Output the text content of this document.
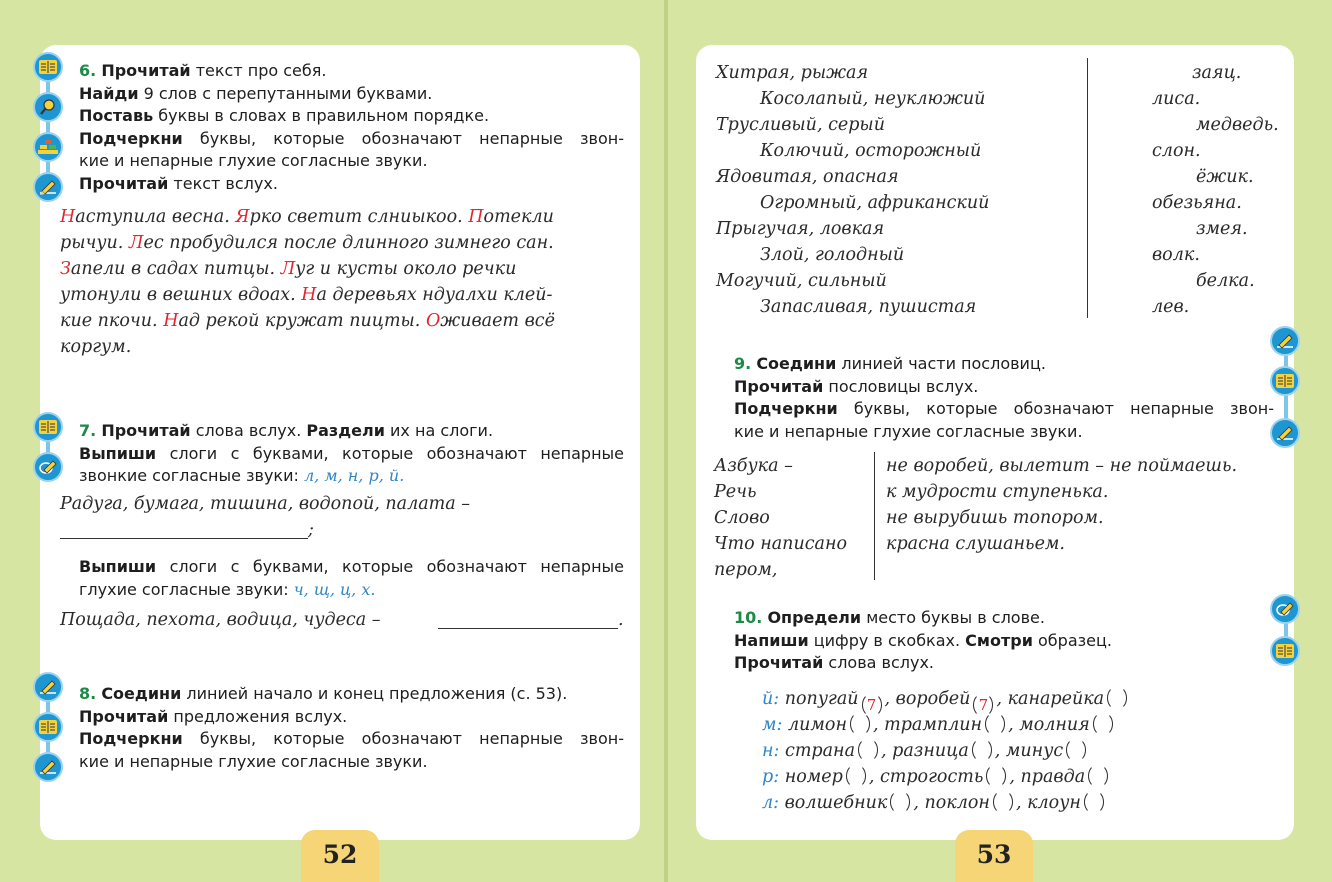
52

6. Прочитай текст про себя.

Найди 9 слов с перепутанными буквами.

Поставь буквы в словах в правильном порядке.

Подчеркни буквы, которые обозначают непарные звон-

кие и непарные глухие согласные звуки.

Прочитай текст вслух.

Наступила весна. Ярко светит слниыкоо. Потекли
рычуи. Лес пробудился после длинного зимнего сан.
Запели в садах питцы. Луг и кусты около речки
утонули в вешних вдоах. На деревьях ндуалхи клей-
кие пкочи. Над рекой кружат пицты. Оживает всё
коргум.

7. Прочитай слова вслух. Раздели их на слоги.

Выпиши слоги с буквами, которые обозначают непарные

звонкие согласные звуки: л, м, н, р, й.

Радуга, бумага, тишина, водопой, палата –
;

Выпиши слоги с буквами, которые обозначают непарные

глухие согласные звуки: ч, щ, ц, х.

Пощада, пехота, водица, чудеса –	.

8. Соедини линией начало и конец предложения (с. 53).

Прочитай предложения вслух.

Подчеркни буквы, которые обозначают непарные звон-

кие и непарные глухие согласные звуки.

53
Хитрая, рыжая
Косолапый, неуклюжий
Трусливый, серый
Колючий, осторожный
Ядовитая, опасная
Огромный, африканский
Прыгучая, ловкая
Злой, голодный
Могучий, сильный
Запасливая, пушистая
заяц.
лиса.
медведь.
слон.
ёжик.
обезьяна.
змея.
волк.
белка.
лев.

9. Соедини линией части пословиц.

Прочитай пословицы вслух.

Подчеркни буквы, которые обозначают непарные звон-

кие и непарные глухие согласные звуки.

Азбука –
Речь
Слово
Что написано
пером,
не воробей, вылетит – не поймаешь.
к мудрости ступенька.
не вырубишь топором.
красна слушаньем.

10. Определи место буквы в слове.

Напиши цифру в скобках. Смотри образец.

Прочитай слова вслух.

й: попугай 7 , воробей 7 , канарейка
м: лимон , трамплин , молния
н: страна , разница , минус
р: номер , строгость , правда
л: волшебник , поклон , клоун
